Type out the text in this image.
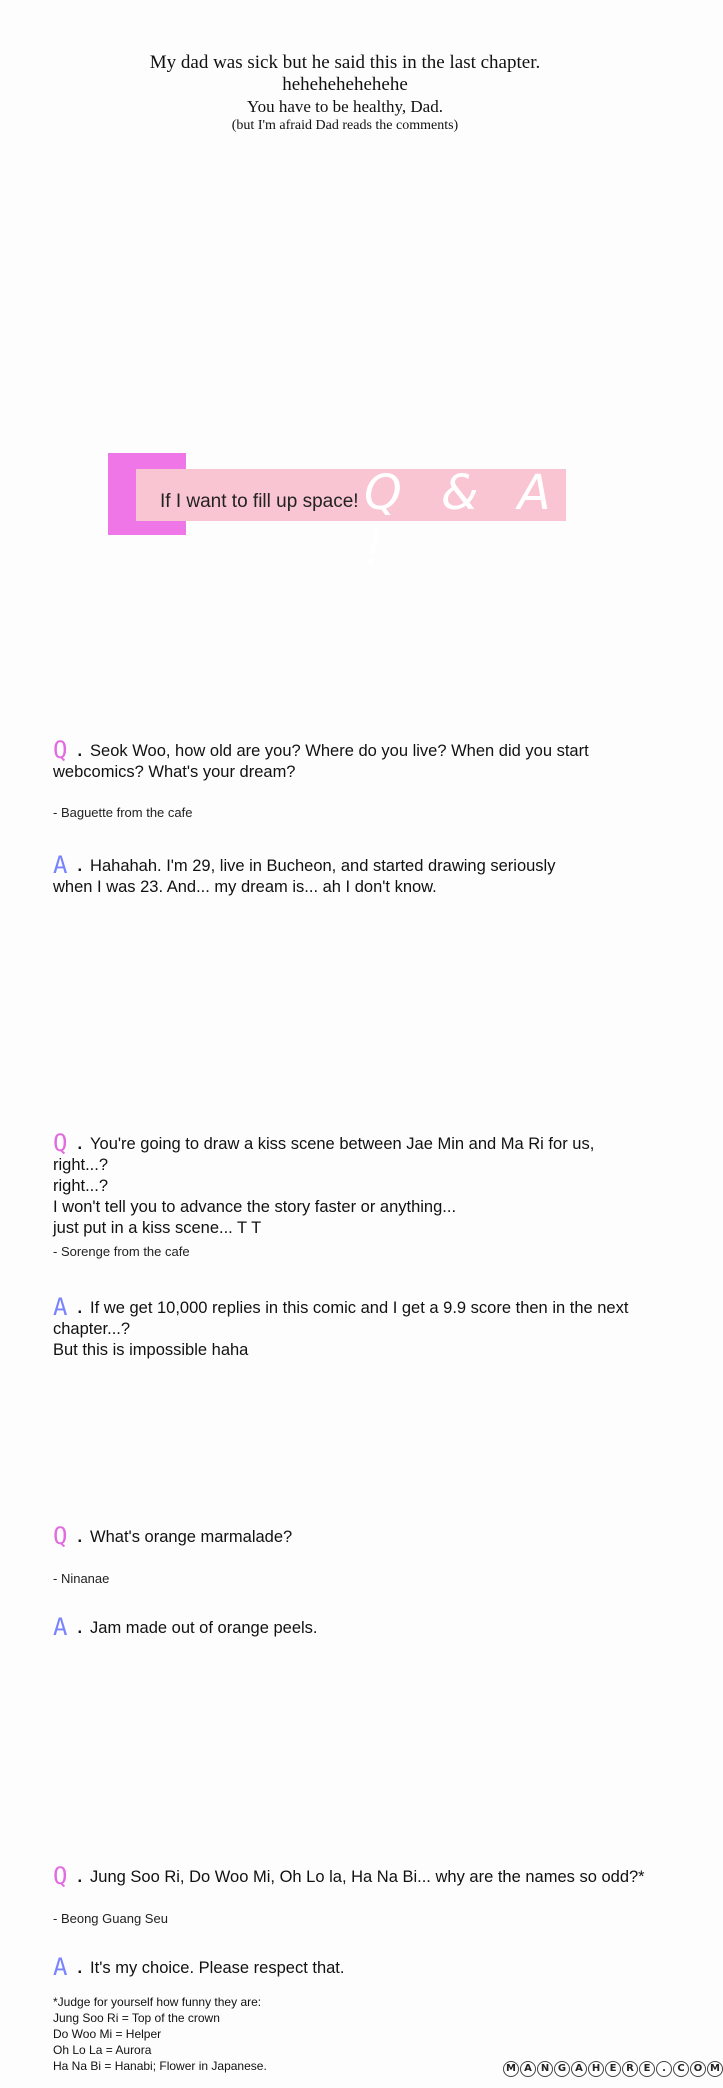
My dad was sick but he said this in the last chapter.
hehehehehehehe
You have to be healthy, Dad.
(but I'm afraid Dad reads the comments)
If I want to fill up space! Q & A !
Q . Seok Woo, how old are you? Where do you live? When did you start
webcomics? What's your dream?
- Baguette from the cafe
A . Hahahah. I'm 29, live in Bucheon, and started drawing seriously
when I was 23. And... my dream is... ah I don't know.
Q . You're going to draw a kiss scene between Jae Min and Ma Ri for us, right...?
right...?
I won't tell you to advance the story faster or anything...
just put in a kiss scene... T T
- Sorenge from the cafe
A . If we get 10,000 replies in this comic and I get a 9.9 score then in the next
chapter...?
But this is impossible haha
Q . What's orange marmalade?
- Ninanae
A . Jam made out of orange peels.
Q . Jung Soo Ri, Do Woo Mi, Oh Lo la, Ha Na Bi... why are the names so odd?*
- Beong Guang Seu
A . It's my choice. Please respect that.
*Judge for yourself how funny they are:
Jung Soo Ri = Top of the crown
Do Woo Mi = Helper
Oh Lo La = Aurora
Ha Na Bi = Hanabi; Flower in Japanese.	M A N G A H E R E	.	C O M
